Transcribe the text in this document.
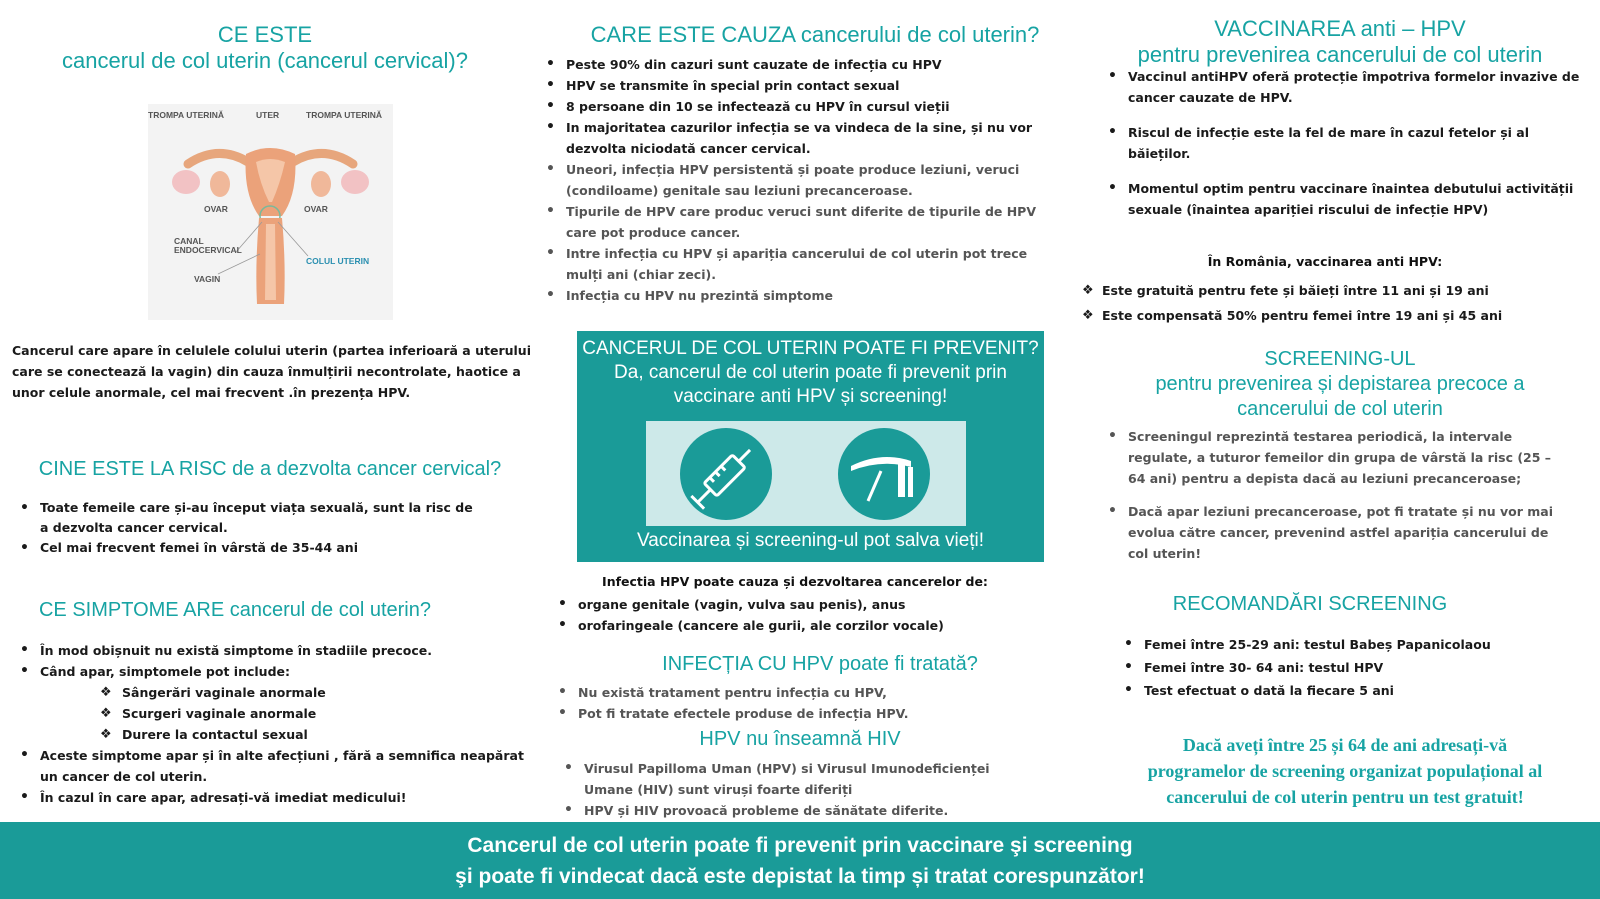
CE ESTE
cancerul de col uterin (cancerul cervical)?
TROMPA UTERINĂ	UTER	TROMPA UTERINĂ
OVAR	OVAR
CANAL
ENDOCERVICAL
COLUL UTERIN
VAGIN
Cancerul care apare în celulele colului uterin (partea inferioară a uterului care se conectează la vagin) din cauza înmulțirii necontrolate, haotice a unor celule anormale, cel mai frecvent .în prezența HPV.
CINE ESTE LA RISC de a dezvolta cancer cervical?
• Toate femeile care și-au început viața sexuală, sunt la risc de a dezvolta cancer cervical.
• Cel mai frecvent femei în vârstă de 35-44 ani
CE SIMPTOME ARE cancerul de col uterin?
• În mod obișnuit nu există simptome în stadiile precoce.
• Când apar, simptomele pot include:
❖ Sângerări vaginale anormale
❖ Scurgeri vaginale anormale
❖ Durere la contactul sexual
• Aceste simptome apar și în alte afecțiuni , fără a semnifica neapărat un cancer de col uterin.
• În cazul în care apar, adresați-vă imediat medicului!
CARE ESTE CAUZA cancerului de col uterin?
• Peste 90% din cazuri sunt cauzate de infecția cu HPV
• HPV se transmite în special prin contact sexual
• 8 persoane din 10 se infectează cu HPV în cursul vieții
• In majoritatea cazurilor infecția se va vindeca de la sine, și nu vor dezvolta niciodată cancer cervical.
• Uneori, infecția HPV persistentă și poate produce leziuni, veruci (condiloame) genitale sau leziuni precanceroase.
• Tipurile de HPV care produc veruci sunt diferite de tipurile de HPV care pot produce cancer.
• Intre infecția cu HPV și apariția cancerului de col uterin pot trece mulți ani (chiar zeci).
• Infecția cu HPV nu prezintă simptome
CANCERUL DE COL UTERIN POATE FI PREVENIT?
Da, cancerul de col uterin poate fi prevenit prin
vaccinare anti HPV și screening!
Vaccinarea și screening-ul pot salva vieți!
Infectia HPV poate cauza și dezvoltarea cancerelor de:
• organe genitale (vagin, vulva sau penis), anus
• orofaringeale (cancere ale gurii, ale corzilor vocale)
INFECȚIA CU HPV poate fi tratată?
• Nu există tratament pentru infecția cu HPV,
• Pot fi tratate efectele produse de infecția HPV.
HPV nu înseamnă HIV
• Virusul Papilloma Uman (HPV) si Virusul Imunodeficienței Umane (HIV) sunt viruși foarte diferiți
• HPV și HIV provoacă probleme de sănătate diferite.
VACCINAREA anti – HPV
pentru prevenirea cancerului de col uterin
• Vaccinul antiHPV oferă protecție împotriva formelor invazive de cancer cauzate de HPV.
• Riscul de infecție este la fel de mare în cazul fetelor și al băieților.
• Momentul optim pentru vaccinare înaintea debutului activității sexuale (înaintea apariției riscului de infecție HPV)
În România, vaccinarea anti HPV:
❖ Este gratuită pentru fete și băieți între 11 ani și 19 ani
❖ Este compensată 50% pentru femei între 19 ani și 45 ani
SCREENING-UL
pentru prevenirea și depistarea precoce a
cancerului de col uterin
• Screeningul reprezintă testarea periodică, la intervale regulate, a tuturor femeilor din grupa de vârstă la risc (25 – 64 ani) pentru a depista dacă au leziuni precanceroase;
• Dacă apar leziuni precanceroase, pot fi tratate și nu vor mai evolua către cancer, prevenind astfel apariția cancerului de col uterin!
RECOMANDĂRI SCREENING
• Femei între 25-29 ani: testul Babeș Papanicolaou
• Femei între 30- 64 ani: testul HPV
• Test efectuat o dată la fiecare 5 ani
Dacă aveți între 25 și 64 de ani adresați-vă
programelor de screening organizat populațional al
cancerului de col uterin pentru un test gratuit!
Cancerul de col uterin poate fi prevenit prin vaccinare şi screening
şi poate fi vindecat dacă este depistat la timp și tratat corespunzător!
